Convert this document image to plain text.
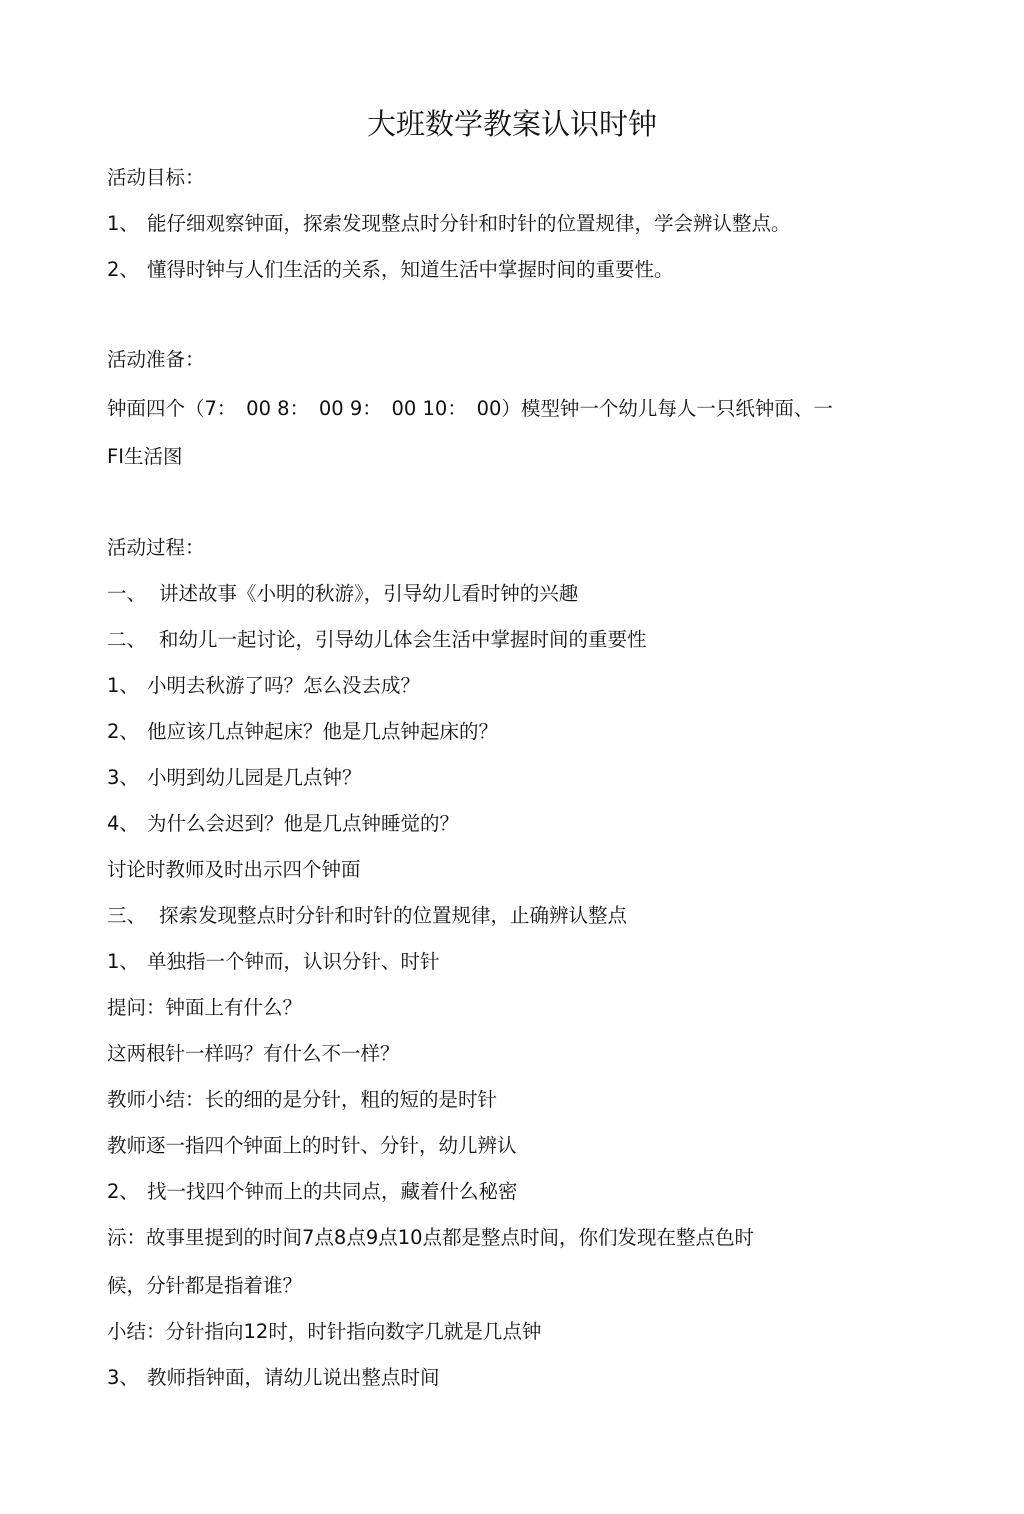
大班数学教案认识时钟
活动目标：
1、 能仔细观察钟面，探索发现整点时分针和时针的位置规律，学会辨认整点。
2、 懂得时钟与人们生活的关系，知道生活中掌握时间的重要性。
活动准备：
钟面四个（7：　00 8：　00 9：　00 10：　00）模型钟一个幼儿每人一只纸钟面、一
FI生活图
活动过程：
一、 讲述故事《小明的秋游》，引导幼儿看时钟的兴趣
二、 和幼儿一起讨论，引导幼儿体会生活中掌握时间的重要性
1、 小明去秋游了吗？怎么没去成？
2、 他应该几点钟起床？他是几点钟起床的？
3、 小明到幼儿园是几点钟？
4、 为什么会迟到？他是几点钟睡觉的？
讨论时教师及时出示四个钟面
三、 探索发现整点时分针和时针的位置规律，止确辨认整点
1、 单独指一个钟而，认识分针、时针
提问：钟面上有什么？
这两根针一样吗？有什么不一样？
教师小结：长的细的是分针，粗的短的是时针
教师逐一指四个钟面上的时针、分针，幼儿辨认
2、 找一找四个钟而上的共同点，藏着什么秘密
沶：故事里提到的时间7点8点9点10点都是整点时间，你们发现在整点色时
候，分针都是指着谁？
小结：分针指向12时，时针指向数字几就是几点钟
3、 教师指钟面，请幼儿说出整点时间
